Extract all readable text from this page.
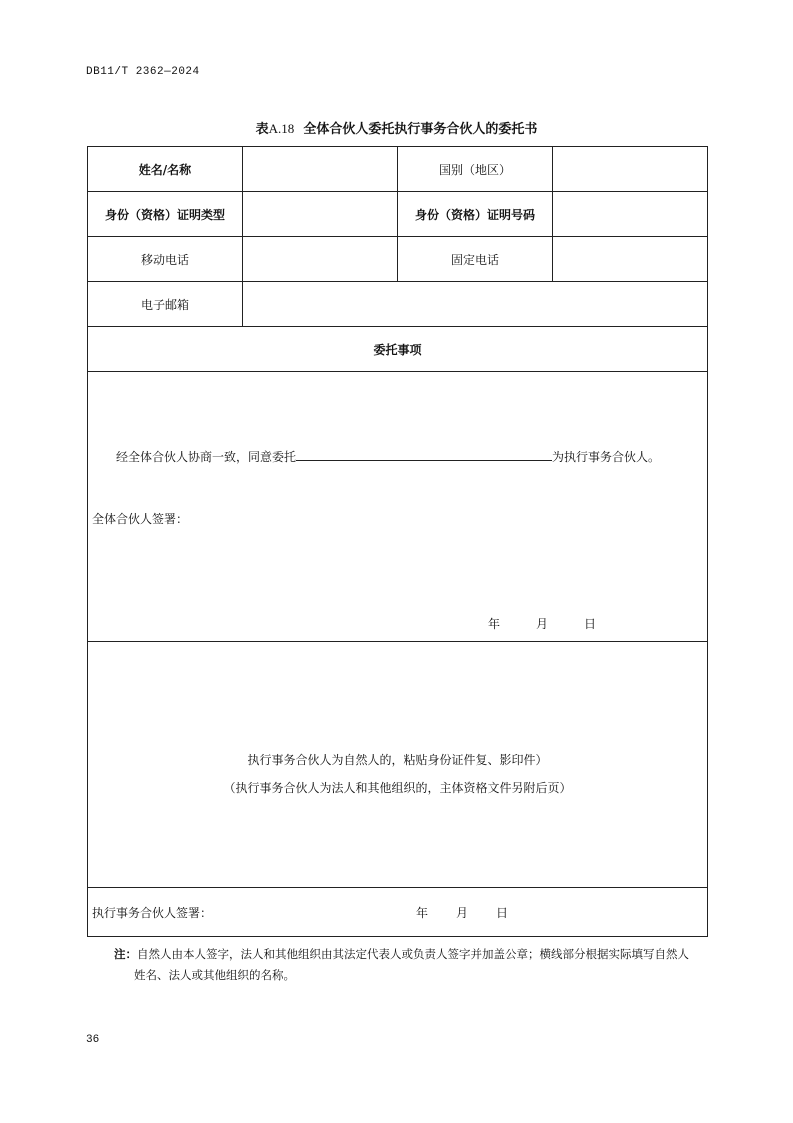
DB11/T 2362—2024
表A.18 全体合伙人委托执行事务合伙人的委托书
姓名/名称		国别（地区）	
身份（资格）证明类型		身份（资格）证明号码	
移动电话		固定电话	
电子邮箱			
委托事项			

经全体合伙人协商一致，同意委托 为执行事务合伙人。
全体合伙人签署：
年 月 日			

执行事务合伙人为自然人的，粘贴身份证件复、影印件）
（执行事务合伙人为法人和其他组织的，主体资格文件另附后页）			

执行事务合伙人签署： 年 月 日			
注：自然人由本人签字，法人和其他组织由其法定代表人或负责人签字并加盖公章；横线部分根据实际填写自然人
姓名、法人或其他组织的名称。
36
